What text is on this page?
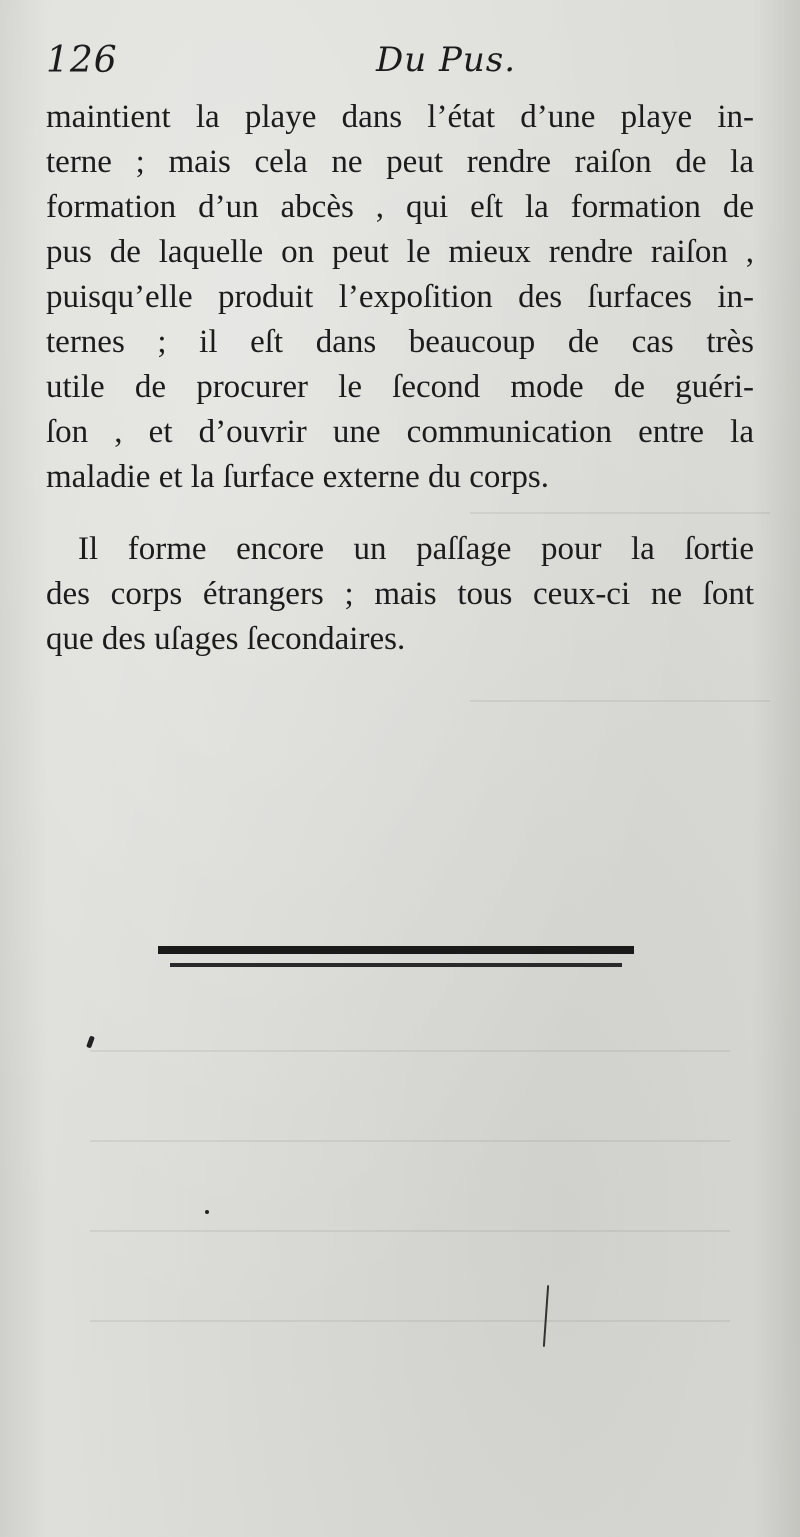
126	Du Pus.
maintient la playe dans l’état d’une playe in-
terne ; mais cela ne peut rendre raiſon de la
formation d’un abcès , qui eſt la formation de
pus de laquelle on peut le mieux rendre raiſon ,
puisqu’elle produit l’expoſition des ſurfaces in-
ternes ; il eſt dans beaucoup de cas très
utile de procurer le ſecond mode de guéri-
ſon , et d’ouvrir une communication entre la
maladie et la ſurface externe du corps.
Il forme encore un paſſage pour la ſortie
des corps étrangers ; mais tous ceux-ci ne ſont
que des uſages ſecondaires.
